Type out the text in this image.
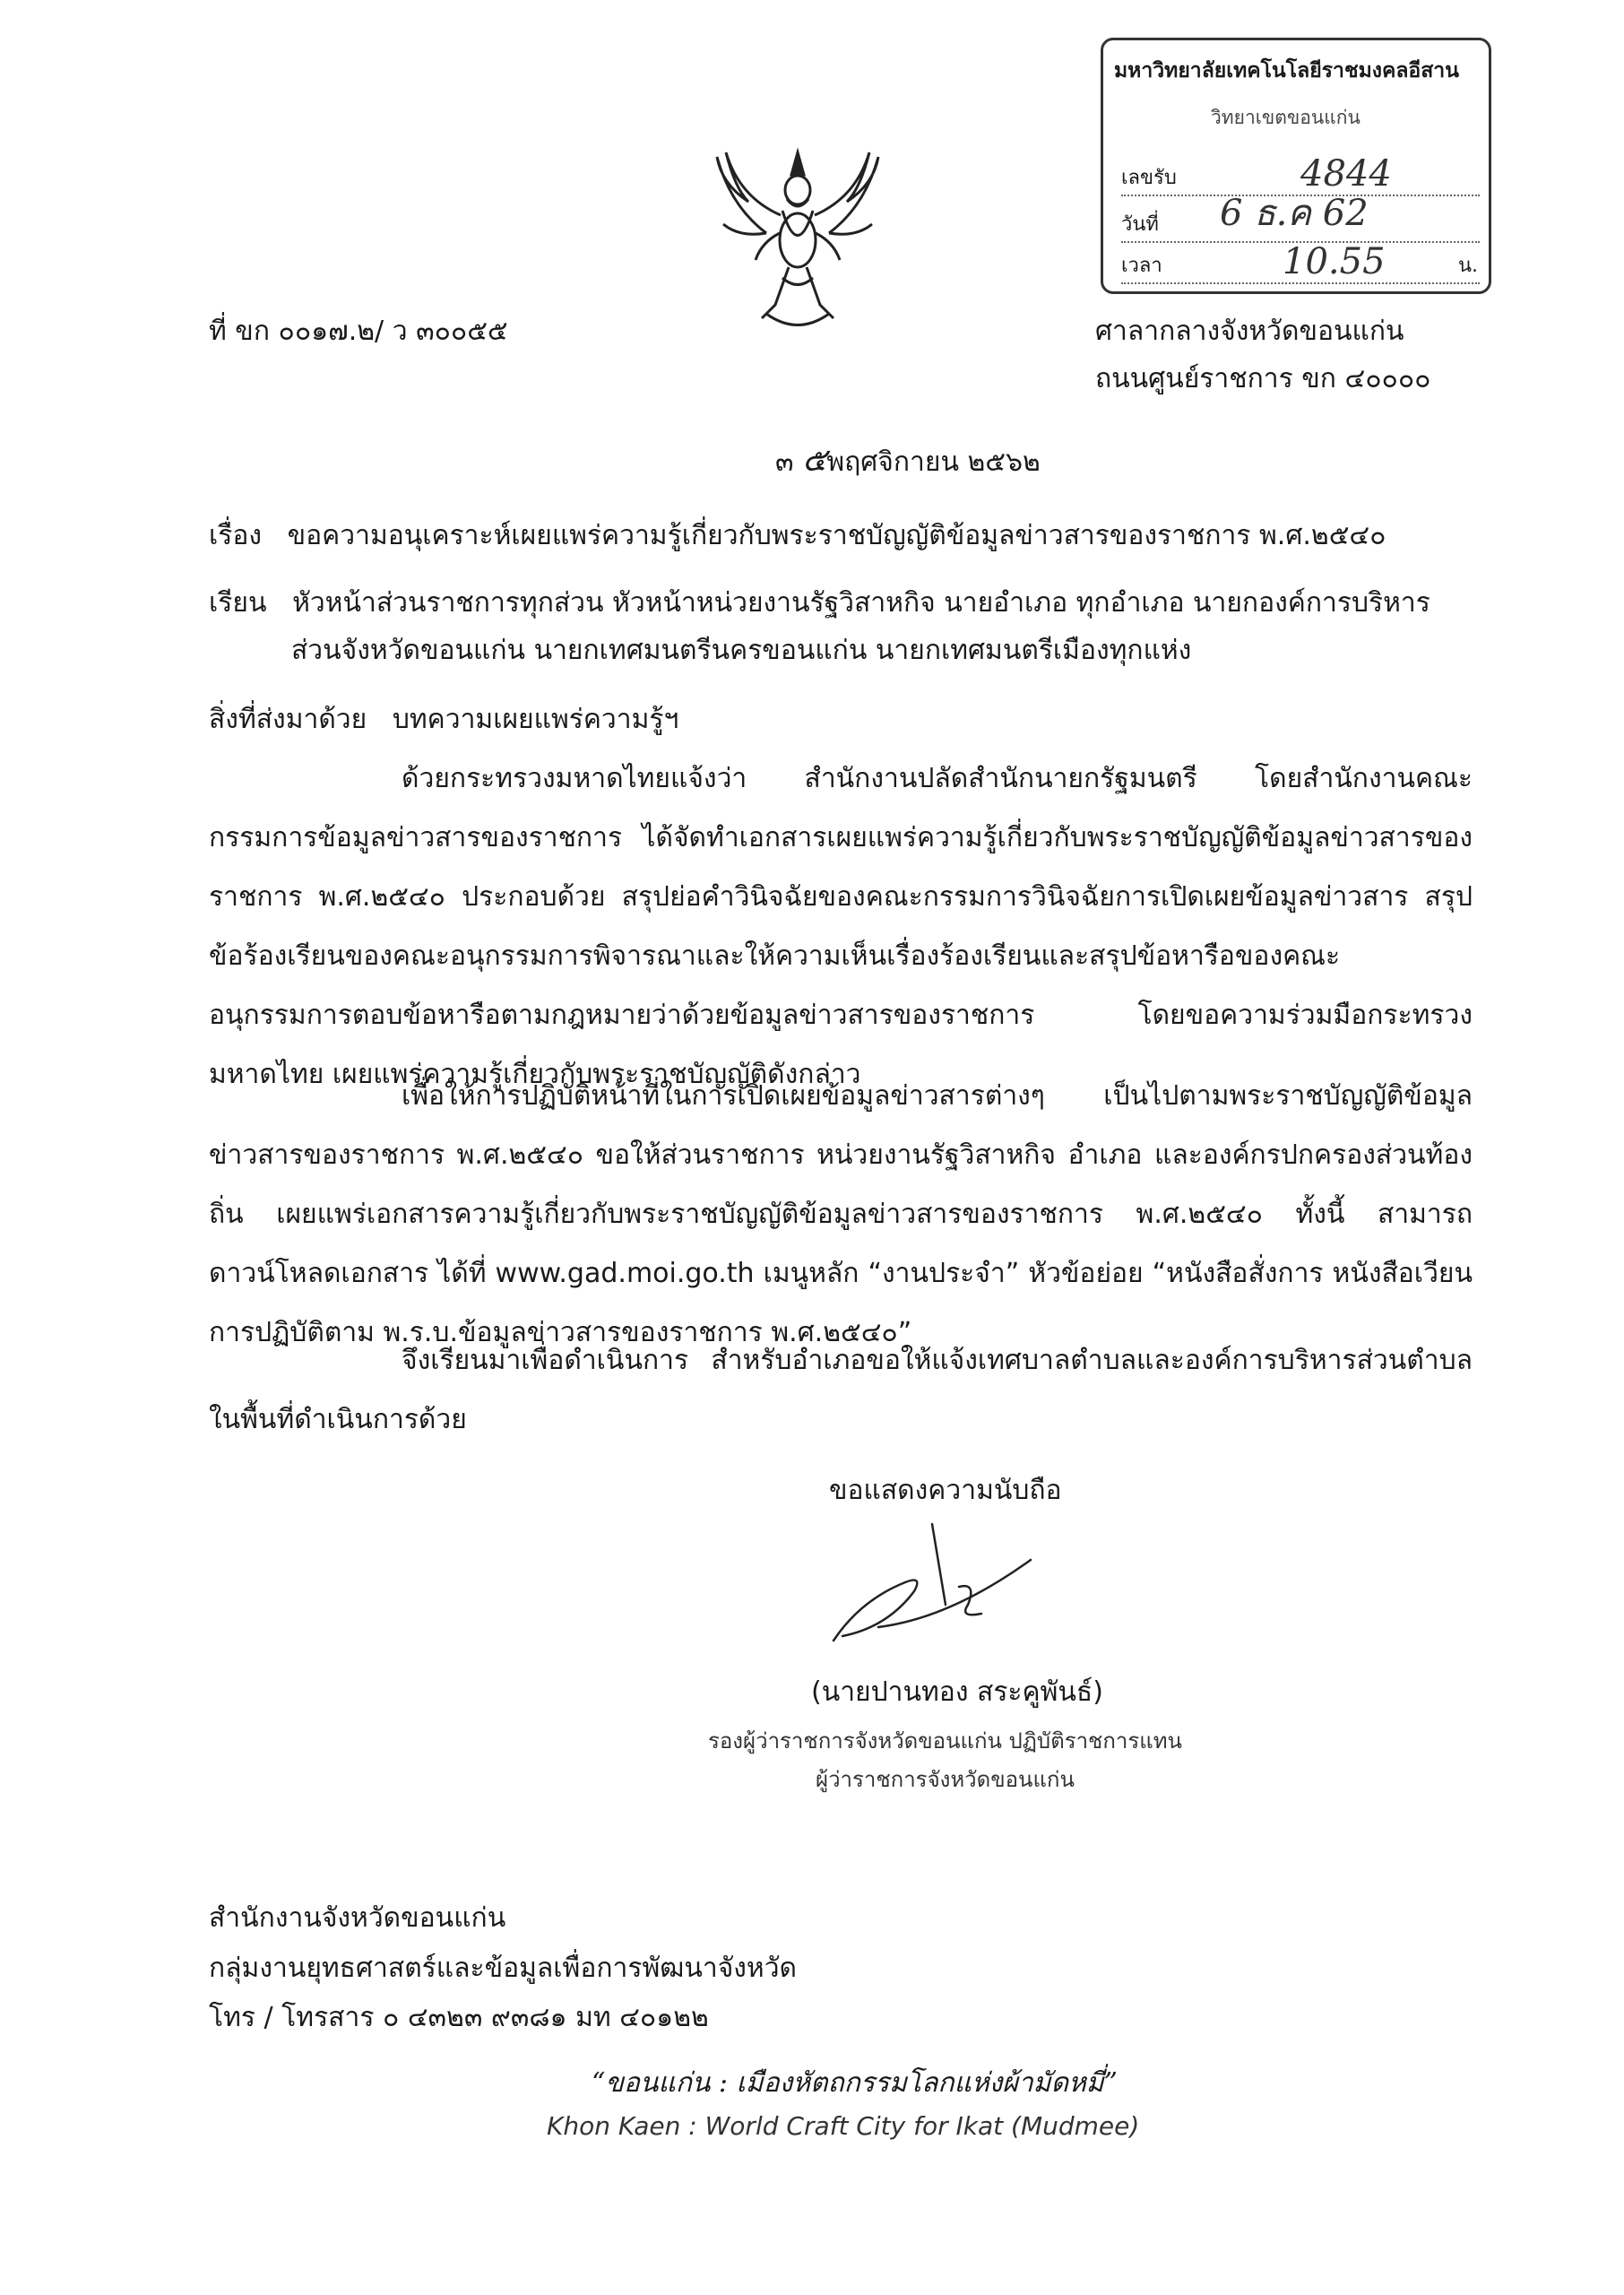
มหาวิทยาลัยเทคโนโลยีราชมงคลอีสาน
วิทยาเขตขอนแก่น
เลขรับ	4844
วันที่ 6 ธ.ค 62
เวลา	10.55	น.
ที่ ขก ๐๐๑๗.๒/ ว ๓๐๐๕๕	ศาลากลางจังหวัดขอนแก่น
ถนนศูนย์ราชการ ขก ๔๐๐๐๐
๓ ๕พฤศจิกายน ๒๕๖๒
เรื่อง ขอความอนุเคราะห์เผยแพร่ความรู้เกี่ยวกับพระราชบัญญัติข้อมูลข่าวสารของราชการ พ.ศ.๒๕๔๐
เรียน หัวหน้าส่วนราชการทุกส่วน หัวหน้าหน่วยงานรัฐวิสาหกิจ นายอำเภอ ทุกอำเภอ นายกองค์การบริหาร
ส่วนจังหวัดขอนแก่น นายกเทศมนตรีนครขอนแก่น นายกเทศมนตรีเมืองทุกแห่ง
สิ่งที่ส่งมาด้วย บทความเผยแพร่ความรู้ฯ

ด้วยกระทรวงมหาดไทยแจ้งว่า สำนักงานปลัดสำนักนายกรัฐมนตรี โดยสำนักงานคณะกรรมการข้อมูลข่าวสารของราชการ ได้จัดทำเอกสารเผยแพร่ความรู้เกี่ยวกับพระราชบัญญัติข้อมูลข่าวสารของราชการ พ.ศ.๒๕๔๐ ประกอบด้วย สรุปย่อคำวินิจฉัยของคณะกรรมการวินิจฉัยการเปิดเผยข้อมูลข่าวสาร สรุปข้อร้องเรียนของคณะอนุกรรมการพิจารณาและให้ความเห็นเรื่องร้องเรียนและสรุปข้อหารือของคณะอนุกรรมการตอบข้อหารือตามกฎหมายว่าด้วยข้อมูลข่าวสารของราชการ โดยขอความร่วมมือกระทรวงมหาดไทย เผยแพร่ความรู้เกี่ยวกับพระราชบัญญัติดังกล่าว

เพื่อให้การปฏิบัติหน้าที่ในการเปิดเผยข้อมูลข่าวสารต่างๆ เป็นไปตามพระราชบัญญัติข้อมูลข่าวสารของราชการ พ.ศ.๒๕๔๐ ขอให้ส่วนราชการ หน่วยงานรัฐวิสาหกิจ อำเภอ และองค์กรปกครองส่วนท้องถิ่น เผยแพร่เอกสารความรู้เกี่ยวกับพระราชบัญญัติข้อมูลข่าวสารของราชการ พ.ศ.๒๕๔๐ ทั้งนี้ สามารถดาวน์โหลดเอกสาร ได้ที่ www.gad.moi.go.th เมนูหลัก “งานประจำ” หัวข้อย่อย “หนังสือสั่งการ หนังสือเวียน การปฏิบัติตาม พ.ร.บ.ข้อมูลข่าวสารของราชการ พ.ศ.๒๕๔๐”

จึงเรียนมาเพื่อดำเนินการ สำหรับอำเภอขอให้แจ้งเทศบาลตำบลและองค์การบริหารส่วนตำบลในพื้นที่ดำเนินการด้วย

ขอแสดงความนับถือ
(นายปานทอง สระคูพันธ์)
รองผู้ว่าราชการจังหวัดขอนแก่น ปฏิบัติราชการแทน
ผู้ว่าราชการจังหวัดขอนแก่น
สำนักงานจังหวัดขอนแก่น
กลุ่มงานยุทธศาสตร์และข้อมูลเพื่อการพัฒนาจังหวัด
โทร / โทรสาร ๐ ๔๓๒๓ ๙๓๘๑ มท ๔๐๑๒๒
“ขอนแก่น : เมืองหัตถกรรมโลกแห่งผ้ามัดหมี่”
Khon Kaen : World Craft City for Ikat (Mudmee)
